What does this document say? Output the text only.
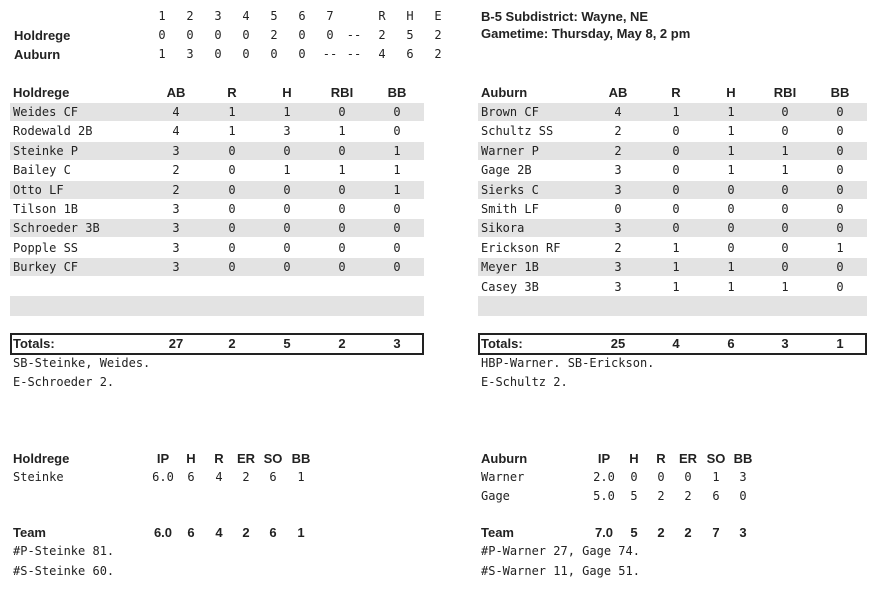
B-5 Subdistrict: Wayne, NE
Gametime: Thursday, May 8, 2 pm
1	2	3	4	5	6	7	R	H	E
Holdrege	0	0	0	0	2	0	0	--	2	5	2
Auburn	1	3	0	0	0	0	-- --	4	6	2
Holdrege	AB	R	H	RBI	BB
Weides CF	4	1	1	0	0
Rodewald 2B	4	1	3	1	0
Steinke P	3	0	0	0	1
Bailey C	2	0	1	1	1
Otto LF	2	0	0	0	1
Tilson 1B	3	0	0	0	0
Schroeder 3B	3	0	0	0	0
Popple SS	3	0	0	0	0
Burkey CF	3	0	0	0	0
Totals:	27	2	5	2	3
SB-Steinke, Weides.
E-Schroeder 2.
Auburn	AB	R	H	RBI	BB
Brown CF	4	1	1	0	0
Schultz SS	2	0	1	0	0
Warner P	2	0	1	1	0
Gage 2B	3	0	1	1	0
Sierks C	3	0	0	0	0
Smith LF	0	0	0	0	0
Sikora	3	0	0	0	0
Erickson RF	2	1	0	0	1
Meyer 1B	3	1	1	0	0
Casey 3B	3	1	1	1	0
Totals:	25	4	6	3	1
HBP-Warner. SB-Erickson.
E-Schultz 2.
Holdrege	IP	H	R	ER SO BB
Steinke	6.0	6	4	2	6	1
Team	6.0	6	4	2	6	1
#P-Steinke 81.
#S-Steinke 60.
Auburn	IP	H	R	ER SO BB
Warner	2.0	0	0	0	1	3
Gage	5.0	5	2	2	6	0
Team	7.0	5	2	2	7	3
#P-Warner 27, Gage 74.
#S-Warner 11, Gage 51.
